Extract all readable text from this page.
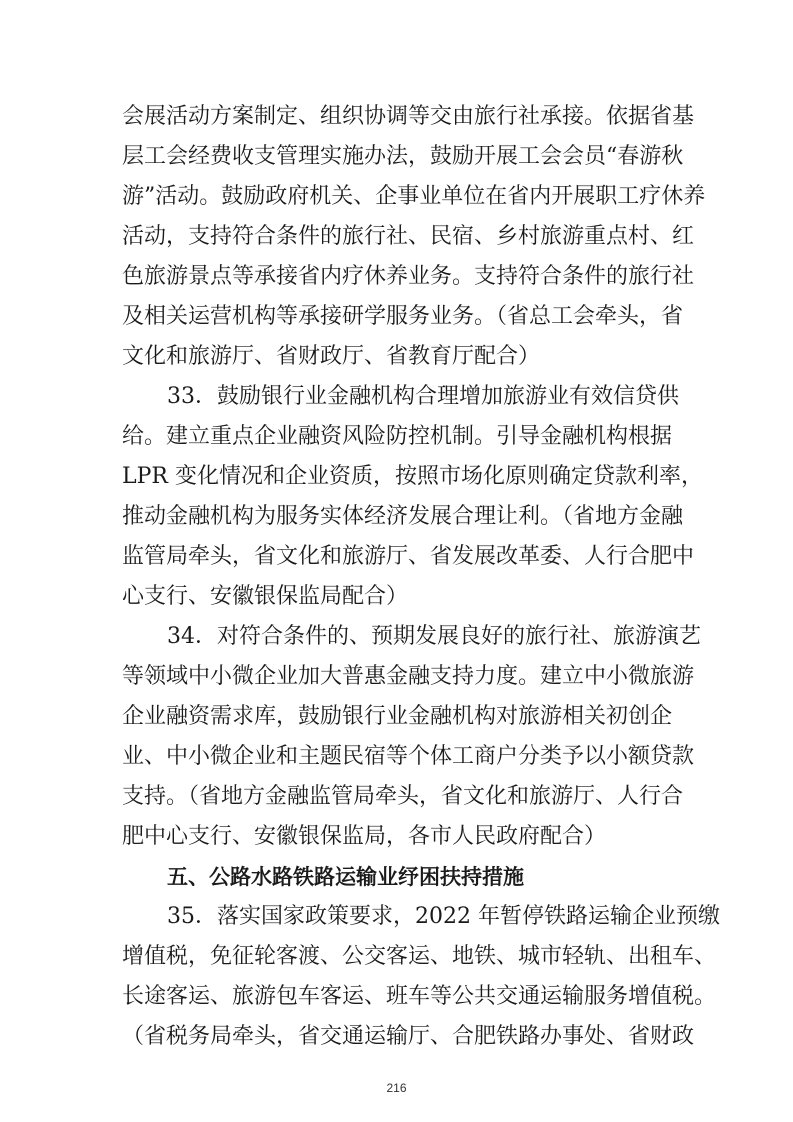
会展活动方案制定、组织协调等交由旅行社承接。依据省基
层工会经费收支管理实施办法，鼓励开展工会会员“春游秋
游”活动。鼓励政府机关、企事业单位在省内开展职工疗休养
活动，支持符合条件的旅行社、民宿、乡村旅游重点村、红
色旅游景点等承接省内疗休养业务。支持符合条件的旅行社
及相关运营机构等承接研学服务业务。（省总工会牵头，省
文化和旅游厅、省财政厅、省教育厅配合）
33．鼓励银行业金融机构合理增加旅游业有效信贷供
给。建立重点企业融资风险防控机制。引导金融机构根据
LPR 变化情况和企业资质，按照市场化原则确定贷款利率，
推动金融机构为服务实体经济发展合理让利。（省地方金融
监管局牵头，省文化和旅游厅、省发展改革委、人行合肥中
心支行、安徽银保监局配合）
34．对符合条件的、预期发展良好的旅行社、旅游演艺
等领域中小微企业加大普惠金融支持力度。建立中小微旅游
企业融资需求库，鼓励银行业金融机构对旅游相关初创企
业、中小微企业和主题民宿等个体工商户分类予以小额贷款
支持。（省地方金融监管局牵头，省文化和旅游厅、人行合
肥中心支行、安徽银保监局，各市人民政府配合）
五、公路水路铁路运输业纾困扶持措施
35．落实国家政策要求，2022 年暂停铁路运输企业预缴
增值税，免征轮客渡、公交客运、地铁、城市轻轨、出租车、
长途客运、旅游包车客运、班车等公共交通运输服务增值税。
（省税务局牵头，省交通运输厅、合肥铁路办事处、省财政
216
